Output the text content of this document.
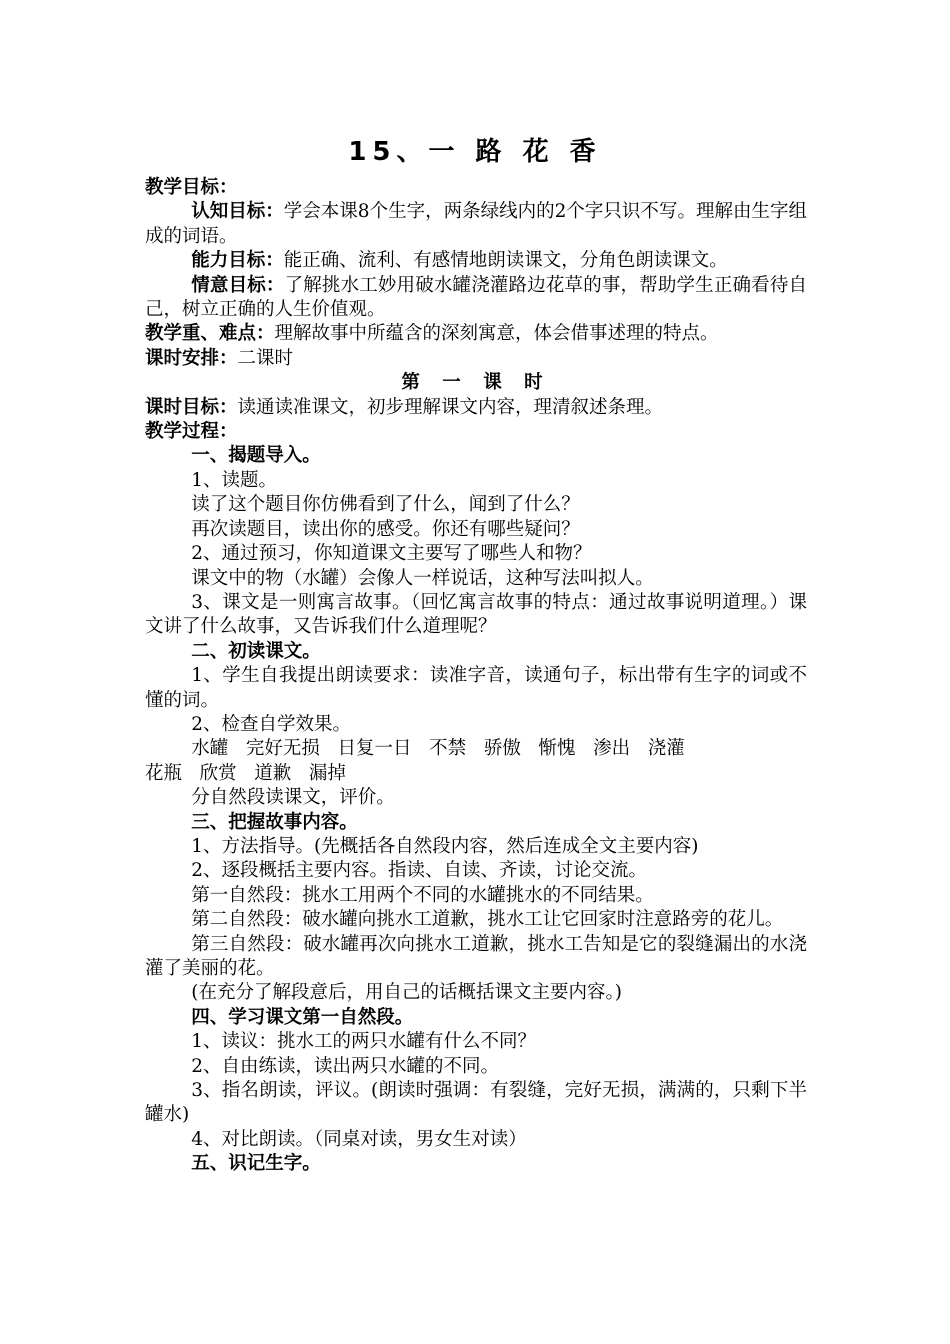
15、一 路 花 香

教学目标：

认知目标：学会本课8个生字，两条绿线内的2个字只识不写。理解由生字组成的词语。

能力目标：能正确、流利、有感情地朗读课文，分角色朗读课文。

情意目标：了解挑水工妙用破水罐浇灌路边花草的事，帮助学生正确看待自己，树立正确的人生价值观。

教学重、难点：理解故事中所蕴含的深刻寓意，体会借事述理的特点。

课时安排：二课时

第 一 课 时

课时目标：读通读准课文，初步理解课文内容，理清叙述条理。

教学过程：

一、揭题导入。

1、读题。

读了这个题目你仿佛看到了什么，闻到了什么？

再次读题目，读出你的感受。你还有哪些疑问？

2、通过预习，你知道课文主要写了哪些人和物？

课文中的物（水罐）会像人一样说话，这种写法叫拟人。

3、课文是一则寓言故事。（回忆寓言故事的特点：通过故事说明道理。）课文讲了什么故事，又告诉我们什么道理呢？

二、初读课文。

1、学生自我提出朗读要求：读准字音，读通句子，标出带有生字的词或不懂的词。

2、检查自学效果。

水罐   完好无损   日复一日   不禁   骄傲   惭愧   渗出   浇灌

花瓶   欣赏   道歉   漏掉

分自然段读课文，评价。

三、把握故事内容。

1、方法指导。(先概括各自然段内容，然后连成全文主要内容)

2、逐段概括主要内容。指读、自读、齐读，讨论交流。

第一自然段：挑水工用两个不同的水罐挑水的不同结果。

第二自然段：破水罐向挑水工道歉，挑水工让它回家时注意路旁的花儿。

第三自然段：破水罐再次向挑水工道歉，挑水工告知是它的裂缝漏出的水浇灌了美丽的花。

(在充分了解段意后，用自己的话概括课文主要内容。)

四、学习课文第一自然段。

1、读议：挑水工的两只水罐有什么不同？

2、自由练读，读出两只水罐的不同。

3、指名朗读，评议。(朗读时强调：有裂缝，完好无损，满满的，只剩下半罐水)

4、对比朗读。（同桌对读，男女生对读）

五、识记生字。
